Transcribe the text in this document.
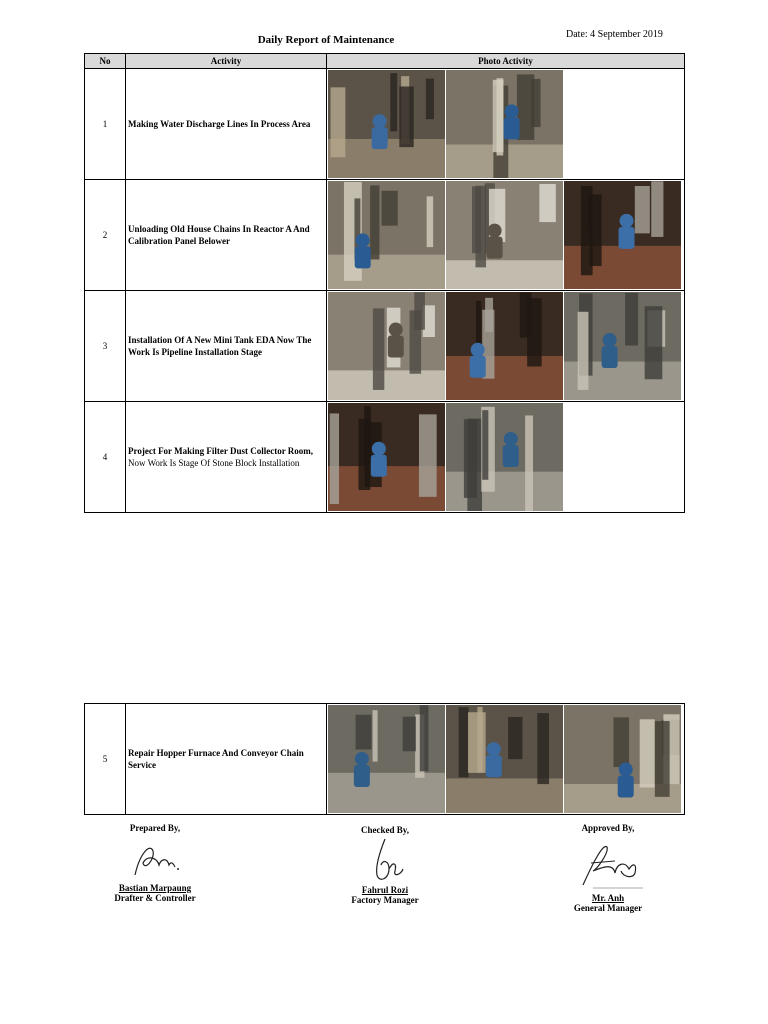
Date: 4 September 2019
Daily Report of Maintenance
No	Activity	Photo Activity
1	Making Water Discharge Lines In Process Area	

2	Unloading Old House Chains In Reactor A And Calibration Panel Belower	

3	Installation Of A New Mini Tank EDA Now The Work Is Pipeline Installation Stage	

4	Project For Making Filter Dust Collector Room, Now Work Is Stage Of Stone Block Installation	
5	Repair Hopper Furnace And Conveyor Chain Service	
Prepared By,
Bastian Marpaung
Drafter & Controller
Checked By,
Fahrul Rozi
Factory Manager
Approved By,
Mr. Anh
General Manager
